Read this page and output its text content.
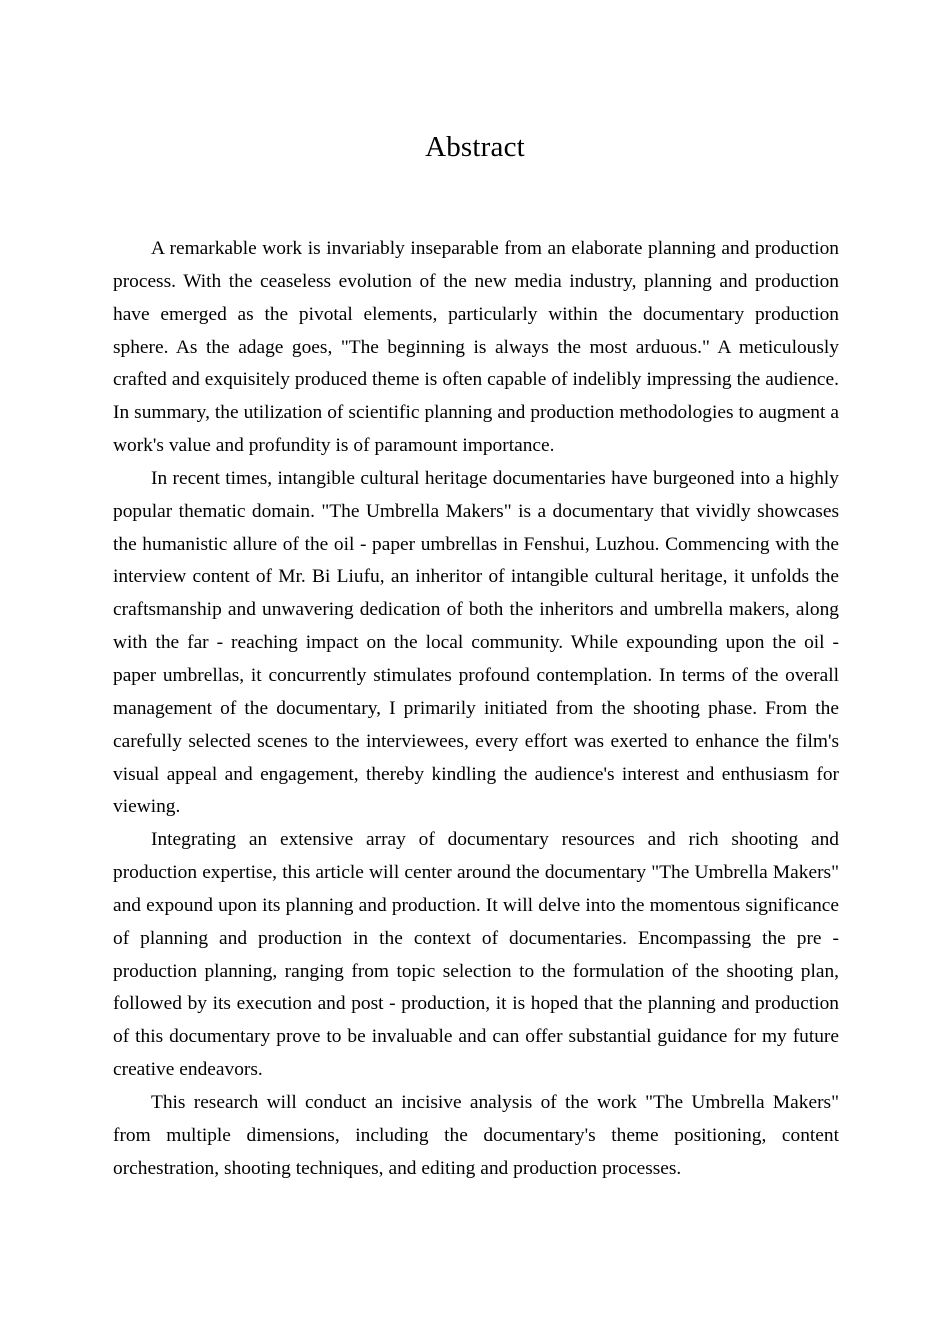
Abstract

A remarkable work is invariably inseparable from an elaborate planning and production process. With the ceaseless evolution of the new media industry, planning and production have emerged as the pivotal elements, particularly within the documentary production sphere. As the adage goes, "The beginning is always the most arduous." A meticulously crafted and exquisitely produced theme is often capable of indelibly impressing the audience. In summary, the utilization of scientific planning and production methodologies to augment a work's value and profundity is of paramount importance.

In recent times, intangible cultural heritage documentaries have burgeoned into a highly popular thematic domain. "The Umbrella Makers" is a documentary that vividly showcases the humanistic allure of the oil - paper umbrellas in Fenshui, Luzhou. Commencing with the interview content of Mr. Bi Liufu, an inheritor of intangible cultural heritage, it unfolds the craftsmanship and unwavering dedication of both the inheritors and umbrella makers, along with the far - reaching impact on the local community. While expounding upon the oil - paper umbrellas, it concurrently stimulates profound contemplation. In terms of the overall management of the documentary, I primarily initiated from the shooting phase. From the carefully selected scenes to the interviewees, every effort was exerted to enhance the film's visual appeal and engagement, thereby kindling the audience's interest and enthusiasm for viewing.

Integrating an extensive array of documentary resources and rich shooting and production expertise, this article will center around the documentary "The Umbrella Makers" and expound upon its planning and production. It will delve into the momentous significance of planning and production in the context of documentaries. Encompassing the pre - production planning, ranging from topic selection to the formulation of the shooting plan, followed by its execution and post - production, it is hoped that the planning and production of this documentary prove to be invaluable and can offer substantial guidance for my future creative endeavors.

This research will conduct an incisive analysis of the work "The Umbrella Makers" from multiple dimensions, including the documentary's theme positioning, content orchestration, shooting techniques, and editing and production processes.
